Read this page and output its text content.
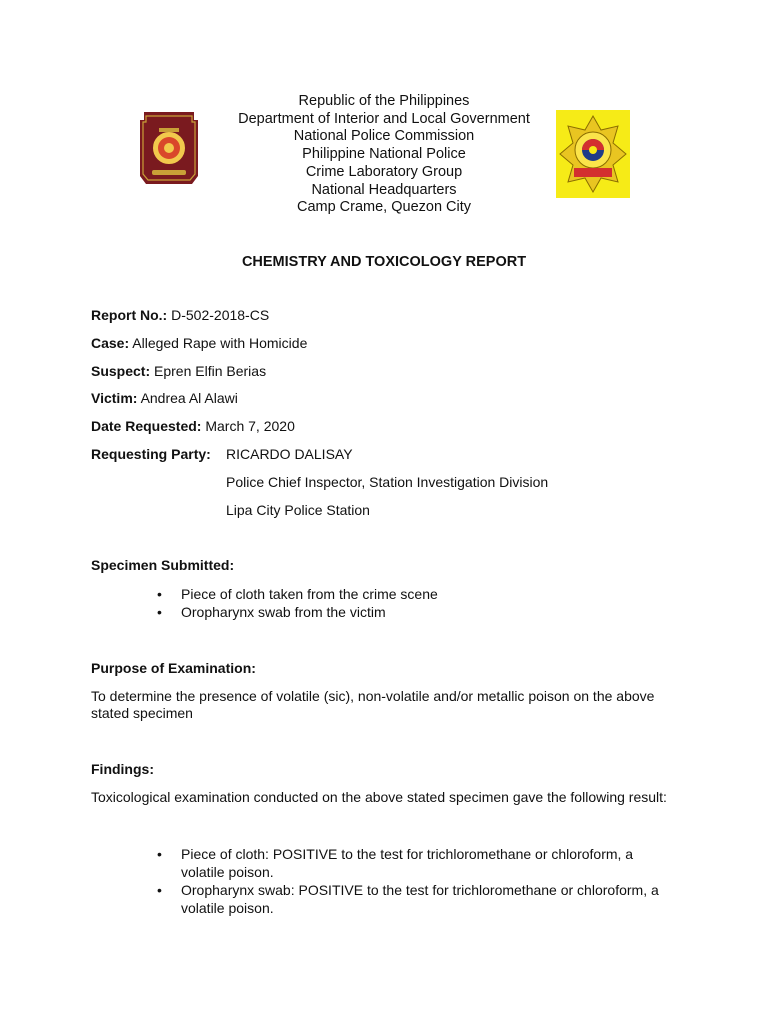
Republic of the Philippines
Department of Interior and Local Government
National Police Commission
Philippine National Police
Crime Laboratory Group
National Headquarters
Camp Crame, Quezon City
CHEMISTRY AND TOXICOLOGY REPORT
Report No.: D-502-2018-CS
Case: Alleged Rape with Homicide
Suspect: Epren Elfin Berias
Victim: Andrea Al Alawi
Date Requested: March 7, 2020
Requesting Party: RICARDO DALISAY
Police Chief Inspector, Station Investigation Division
Lipa City Police Station
Specimen Submitted:
• Piece of cloth taken from the crime scene
• Oropharynx swab from the victim
Purpose of Examination:
To determine the presence of volatile (sic), non-volatile and/or metallic poison on the above stated specimen
Findings:
Toxicological examination conducted on the above stated specimen gave the following result:
• Piece of cloth: POSITIVE to the test for trichloromethane or chloroform, a volatile poison.
• Oropharynx swab: POSITIVE to the test for trichloromethane or chloroform, a volatile poison.
